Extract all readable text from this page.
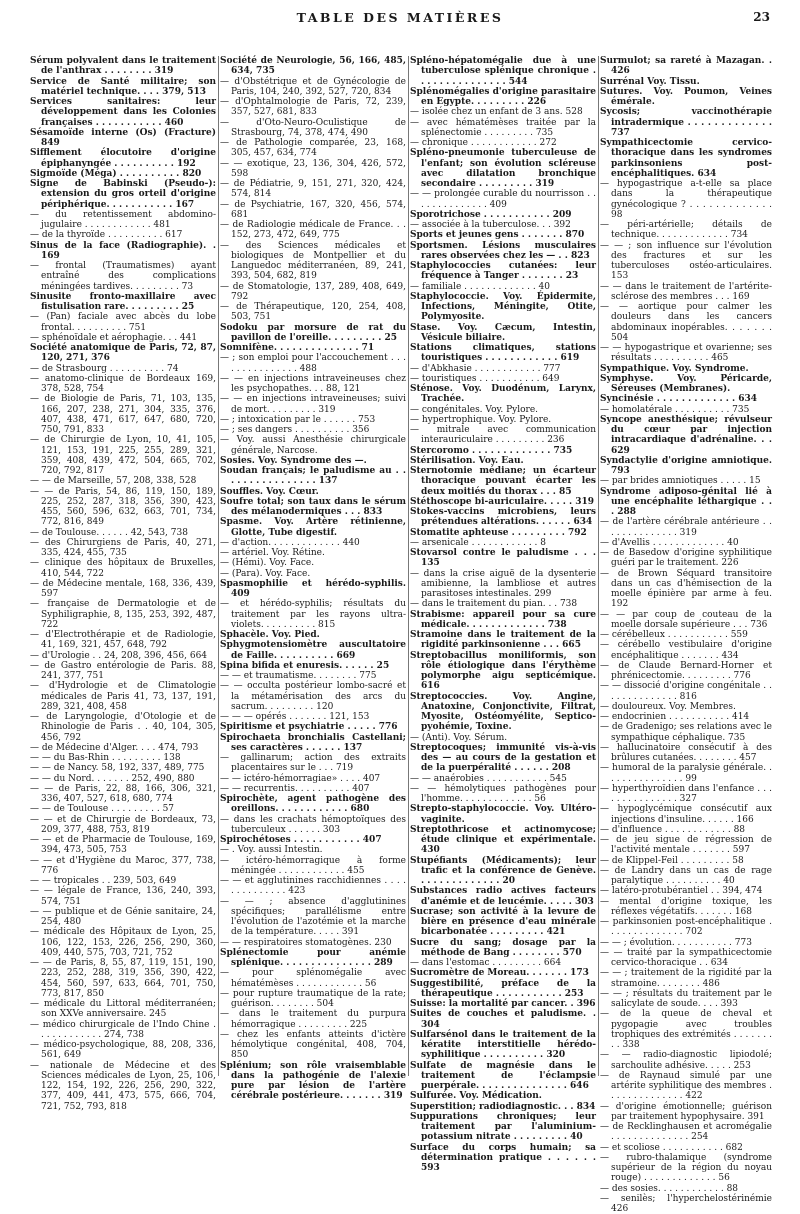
TABLE DES MATIÈRES	23

Sérum polyvalent dans le traitement de l'anthrax . . . . . . . . 319

Service de Santé militaire; son matériel technique. . . . 379, 513

Services sanitaires: leur développement dans les Colonies françaises . . . . . . . . . . . 460

Sésamoïde interne (Os) (Fracture) 849

Sifflement élocutoire d'origine épiphanyngée . . . . . . . . . . 192

Sigmoïde (Méga) . . . . . . . . . . 820

Signe de Babinski (Pseudo-): extension du gros orteil d'origine périphérique. . . . . . . . . . . 167

— du retentissement abdomino-jugulaire . . . . . . . . . . . . 481

— de la thyroïde . . . . . . . . . . 617

Sinus de la face (Radiographie). . 169

— frontal (Traumatismes) ayant entraîné des complications méningées tardives. . . . . . . . . 73

Sinusite fronto-maxillaire avec fistulisation rare. . . . . . . . . 25

— (Pan) faciale avec abcès du lobe frontal. . . . . . . . . . 751

— sphénoïdale et aérophagie. . . 441

Société anatomique de Paris, 72, 87, 120, 271, 376

— de Strasbourg . . . . . . . . . . 74

— anatomo-clinique de Bordeaux 169, 378, 528, 754

— de Biologie de Paris, 71, 103, 135, 166, 207, 238, 271, 304, 335, 376, 407, 438, 471, 617, 647, 680, 720, 750, 791, 833

— de Chirurgie de Lyon, 10, 41, 105, 121, 153, 191, 225, 255, 289, 321, 359, 408, 439, 472, 504, 665, 702, 720, 792, 817

— — de Marseille, 57, 208, 338, 528

— — de Paris, 54, 86, 119, 150, 189, 225, 252, 287, 318, 356, 390, 423, 455, 560, 596, 632, 663, 701, 734, 772, 816, 849

— de Toulouse. . . . . . 42, 543, 738

— des Chirurgiens de Paris, 40, 271, 335, 424, 455, 735

— clinique des hôpitaux de Bruxelles, 410, 544, 722

— de Médecine mentale, 168, 336, 439, 597

— française de Dermatologie et de Syphiligraphie, 8, 135, 253, 392, 487, 722

— d'Electrothérapie et de Radiologie, 41, 169, 321, 457, 648, 792

— d'Urologie . . 24, 208, 396, 456, 664

— de Gastro entérologie de Paris. 88, 241, 377, 751

— d'Hydrologie et de Climatologie médicales de Paris 41, 73, 137, 191, 289, 321, 408, 458

— de Laryngologie, d'Otologie et de Rhinologie de Paris . . 40, 104, 305, 456, 792

— de Médecine d'Alger. . . . 474, 793

— — du Bas-Rhin . . . . . . . . . 138

— — de Nancy. 58, 192, 337, 489, 775

— — du Nord. . . . . . . 252, 490, 880

— — de Paris, 22, 88, 166, 306, 321, 336, 407, 527, 618, 680, 774

— — de Toulouse . . . . . . . . . 57

— — et de Chirurgie de Bordeaux, 73, 209, 377, 488, 753, 819

— — et de Pharmacie de Toulouse, 169, 394, 473, 505, 753

— — et d'Hygiène du Maroc, 377, 738, 776

— — tropicales . . 239, 503, 649

— — légale de France, 136, 240, 393, 574, 751

— — publique et de Génie sanitaire, 24, 254, 480

— médicale des Hôpitaux de Lyon, 25, 106, 122, 153, 226, 256, 290, 360, 409, 440, 575, 703, 721, 752

— — de Paris, 8, 55, 87, 119, 151, 190, 223, 252, 288, 319, 356, 390, 422, 454, 560, 597, 633, 664, 701, 750, 773, 817, 850

— médicale du Littoral méditerranéen; son XXVe anniversaire. 245

— médico chirurgicale de l'Indo Chine . . . . . . . . . . . . 274, 738

— médico-psychologique, 88, 208, 336, 561, 649

— nationale de Médecine et des Sciences médicales de Lyon, 25, 106, 122, 154, 192, 226, 256, 290, 322, 377, 409, 441, 473, 575, 666, 704, 721, 752, 793, 818

Société de Neurologie, 56, 166, 485, 634, 735

— d'Obstétrique et de Gynécologie de Paris, 104, 240, 392, 527, 720, 834

— d'Ophtalmologie de Paris, 72, 239, 357, 527, 681, 833

— d'Oto-Neuro-Oculistique de Strasbourg, 74, 378, 474, 490

— de Pathologie comparée, 23, 168, 305, 457, 634, 774

— — exotique, 23, 136, 304, 426, 572, 598

— de Pédiatrie, 9, 151, 271, 320, 424, 574, 814

— de Psychiatrie, 167, 320, 456, 574, 681

— de Radiologie médicale de France. . . 152, 273, 472, 649, 775

— des Sciences médicales et biologiques de Montpellier et du Languedoc méditerranéen, 89, 241, 393, 504, 682, 819

— de Stomatologie, 137, 289, 408, 649, 792

— de Thérapeutique, 120, 254, 408, 503, 751

Sodoku par morsure de rat du pavillon de l'oreille. . . . . . . . . 25

Somnifène. . . . . . . . . . . . . . 71

— ; son emploi pour l'accouchement . . . . . . . . . . . . . . . 488

— — en injections intraveineuses chez les psychopathes. . . 88, 121

— — en injections intraveineuses; suivi de mort. . . . . . . . . 319

— ; intoxication par le . . . . . . 753

— ; ses dangers . . . . . . . . . . 356

— Voy. aussi Anesthésie chirurgicale générale, Narcose.

Sosies. Voy. Syndrome des —.

Soudan français; le paludisme au . . . . . . . . . . . . . . . . 137

Souffles. Voy. Cœur.

Soufre total; son taux dans le sérum des mélanodermiques . . . 833

Spasme. Voy. Artère rétinienne, Glotte, Tube digestif.

— d'action. . . . . . . . . . . . . 440

— artériel. Voy. Rétine.

— (Hémi). Voy. Face.

— (Para). Voy. Face.

Spasmophilie et hérédo-syphilis. 409

— et hérédo-syphilis; résultats du traitement par les rayons ultra-violets. . . . . . . . . . 815

Sphacèle. Voy. Pied.

Sphygmotensiomètre auscultatoire de Faille. . . . . . . . . . 669

Spina bifida et enuresis. . . . . . 25

— — et traumatisme. . . . . . . . 775

— — occulta postérieur lombo-sacré et la métamérisation des arcs du sacrum. . . . . . . . . 120

— — — opérés . . . . . . . 121, 153

Spiritisme et psychiatrie . . . . . 776

Spirochaeta bronchialis Castellani; ses caractères . . . . . . 137

— gallinarum; action des extraits placentaires sur le . . . 719

— — ictéro-hémorragiae» . . . . 407

— — recurrentis. . . . . . . . . . 407

Spirochète, agent pathogène des oreillons. . . . . . . . . . . . 680

— dans les crachats hémoptoïques des tuberculeux . . . . . . 303

Spirochétoses . . . . . . . . . . . 407

— . Voy. aussi Intestin.

— ictéro-hémorragique à forme méningée . . . . . . . . . . . . 455

— — et agglutinines racchidiennes . . . . . . . . . . . . . . 423

— — ; absence d'agglutinines spécifiques; parallélisme entre l'évolution de l'azotémie et la marche de la température. . . . . 391

— — respiratoires stomatogènes. 230

Splénectomie pour anémie splénique. . . . . . . . . . . . . . . 289

— pour splénomégalie avec hématémèses . . . . . . . . . . . . 56

— pour rupture traumatique de la rate; guérison. . . . . . . . 504

— dans le traitement du purpura hémorragique . . . . . . . . . 225

— chez les enfants atteints d'ictère hémolytique congénital, 408, 704, 850

Splénium; son rôle vraisemblable dans la pathogénie de l'alexie pure par lésion de l'artère cérébrale postérieure. . . . . . . 319

Spléno-hépatomégalie due à une tuberculose splénique chronique . . . . . . . . . . . . . . . 544

Splénomégalies d'origine parasitaire en Egypte. . . . . . . . . 226

— isolée chez un enfant de 3 ans. 528

— avec hématémèses traitée par la splénectomie . . . . . . . . . 735

— chronique . . . . . . . . . . . . 272

Spléno-pneumonie tuberculeuse de l'enfant; son évolution scléreuse avec dilatation bronchique secondaire . . . . . . . . . 319

— — prolongée curable du nourrisson . . . . . . . . . . . . . . 409

Sporotrichose . . . . . . . . . . . 209

— associée à la tuberculose. . . 392

Sports et jeunes gens . . . . . . . 870

Sportsmen. Lésions musculaires rares observées chez les — . . 823

Staphylococcies cutanées: leur fréquence à Tanger . . . . . . . 23

— familiale . . . . . . . . . . . . . 40

Staphylococcie. Voy. Épidermite, Infections, Méningite, Otite, Polymyosite.

Stase. Voy. Cæcum, Intestin, Vésicule biliaire.

Stations climatiques, stations touristiques . . . . . . . . . . . . 619

— d'Abkhasie . . . . . . . . . . . . 777

— touristiques . . . . . . . . . . . 649

Sténose. Voy. Duodénum, Larynx, Trachée.

— congénitales. Voy. Pylore.

— hypertrophique. Voy. Pylore.

— mitrale avec communication interauriculaire . . . . . . . . . 236

Stercoromo . . . . . . . . . . . . . 735

Stérilisation. Voy. Eau.

Sternotomie médiane; un écarteur thoracique pouvant écarter les deux moitiés du thorax . . . 85

Stéthoscope bi-auriculaire. . . . . 319

Stokes-vaccins microbiens, leurs prétendues altérations. . . . . . 634

Stomatite aphteuse . . . . . . . . . 792

— arsenicale . . . . . . . . . . . . 8

Stovarsol contre le paludisme . . . 135

— dans la crise aiguë de la dysenterie amibienne, la lambliose et autres parasitoses intestinales. 299

— dans le traitement du pian. . . 738

Strabisme: appareil pour sa cure médicale. . . . . . . . . . . . . 738

Stramoine dans le traitement de la rigidité parkinsonienne . . . 665

Streptobacillus moniliformis, son rôle étiologique dans l'érythème polymorphe aigu septicémique. 616

Streptococcies. Voy. Angine, Anatoxine, Conjonctivite, Filtrat, Myosite, Ostéomyélite, Septico-pyohémie, Toxine.

— (Anti). Voy. Sérum.

Streptocoques; immunité vis-à-vis des — au cours de la gestation et de la puerpéralité . . . . . . 208

— — anaérobies . . . . . . . . . . . 545

— — hémolytiques pathogènes pour l'homme. . . . . . . . . . . . . 56

Strepto-staphylococcie. Voy. Ultéro-vaginite.

Streptothricose et actinomycose; étude clinique et expérimentale. 430

Stupéfiants (Médicaments); leur trafic et la conférence de Genève. . . . . . . . . . . . . . 20

Substances radio actives facteurs d'anémie et de leucémie. . . . . 303

Sucrase; son activité à la levure de bière en présence d'eau minérale bicarbonatée . . . . . . . . . 421

Sucre du sang; dosage par la méthode de Bang . . . . . . . . 570

— dans l'estomac . . . . . . . . . 664

Sucromètre de Moreau. . . . . . . 173

Suggestibilité, préface de la thérapeutique . . . . . . . . . . . 253

Suisse: la mortalité par cancer. . 396

Suites de couches et paludisme. . 304

Sulfarsénol dans le traitement de la kératite interstitielle hérédo-syphilitique . . . . . . . . . . 320

Sulfate de magnésie dans le traitement de l'éclampsie puerpérale. . . . . . . . . . . . . . . 646

Sulfurée. Voy. Médication.

Superstition; radiodiagnostic. . . 834

Suppurations chroniques; leur traitement par l'aluminium-potassium nitrate . . . . . . . . . 40

Surface du corps humain; sa détermination pratique . . . . . . 593

Surmulot; sa rareté à Mazagan. . 426

Surrénal Voy. Tissu.

Sutures. Voy. Poumon, Veines émérale.

Sycosis; vaccinothérapie intradermique . . . . . . . . . . . . . 737

Sympathicectomie cervico-thoracique dans les syndromes parkinsoniens post-encéphalitiques. 634

— hypogastrique a-t-elle sa place dans la thérapeutique gynécologique ? . . . . . . . . . . . . . 98

— péri-artérielle; détails de technique. . . . . . . . . . . . . 734

— — ; son influence sur l'évolution des fractures et sur les tuberculoses ostéo-articulaires. 153

— — dans le traitement de l'artérite-sclérose des membres . . . 169

— — aortique pour calmer les douleurs dans les cancers abdominaux inopérables. . . . . . . 504

— — hypogastrique et ovarienne; ses résultats . . . . . . . . . . 465

Sympathique. Voy. Syndrome.

Symphyse. Voy. Péricarde, Séreuses (Membranes).

Syncinésie . . . . . . . . . . . . . 634

— homolatérale . . . . . . . . . . 735

Syncope anesthésique; révulseur du cœur par injection intracardiaque d'adrénaline. . . 629

Syndactylie d'origine amniotique. 793

— par brides amniotiques . . . . . 15

Syndrome adiposo-génital lié à une encéphalite léthargique . . . 288

— de l'artère cérébrale antérieure . . . . . . . . . . . . . . 319

— d'Avellis . . . . . . . . . . . . . 40

— de Basedow d'origine syphilitique guéri par le traitement. 226

— de Brown Séquard transitoire dans un cas d'hémisection de la moelle épinière par arme à feu. 192

— — par coup de couteau de la moelle dorsale supérieure . . . 736

— cérébelleux . . . . . . . . . . . 559

— cérébello vestibulaire d'origine encéphalitique . . . . . . . 434

— de Claude Bernard-Horner et phrénicectomie. . . . . . . . . 776

— — dissocié d'origine congénitale . . . . . . . . . . . . . . 816

— douloureux. Voy. Membres.

— endocrinien . . . . . . . . . . . 414

— de Gradenigo; ses relations avec le sympathique céphalique. 735

— hallucinatoire consécutif à des brûlures cutanées. . . . . . . . 457

— humoral de la paralysie générale. . . . . . . . . . . . . . . 99

— hyperthyroïdien dans l'enfance . . . . . . . . . . . . . . . 327

— hypoglycémique consécutif aux injections d'insuline. . . . . . 166

— d'influence . . . . . . . . . . . . 88

— de jeu sigue de régression de l'activité mentale . . . . . . . 597

— de Klippel-Feil . . . . . . . . . 58

— de Landry dans un cas de rage paralytique . . . . . . . . . . 40

— latéro-protubérantiel . . 394, 474

— mental d'origine toxique, les réflexes végétatifs. . . . . . . 168

— parkinsonien post-encéphalitique . . . . . . . . . . . . . . 702

— — ; évolution. . . . . . . . . . . 773

— — traité par la sympathicectomie cervico-thoracique . . 634

— — ; traitement de la rigidité par la stramoine. . . . . . . . 486

— — ; résultats du traitement par le salicylate de soude. . . . 393

— de la queue de cheval et pygopagie avec troubles trophiques des extrémités . . . . . . . . . 338

— — radio-diagnostic lipiodolé; sarchoulite adhésive. . . . . 253

— de Raynaud simulé par une artérite syphilitique des membres . . . . . . . . . . . . . . 422

— d'origine émotionnelle; guérison par traitement hypophysaire. 391

— de Recklinghausen et acromégalie . . . . . . . . . . . . . . 254

— et scoliose . . . . . . . . . . . 682

— rubro-thalamique (syndrome supérieur de la région du noyau rouge) . . . . . . . . . . . . . 56

— des sosies. . . . . . . . . . . . 88

— senilès; l'hyperchelostérinémie 426
